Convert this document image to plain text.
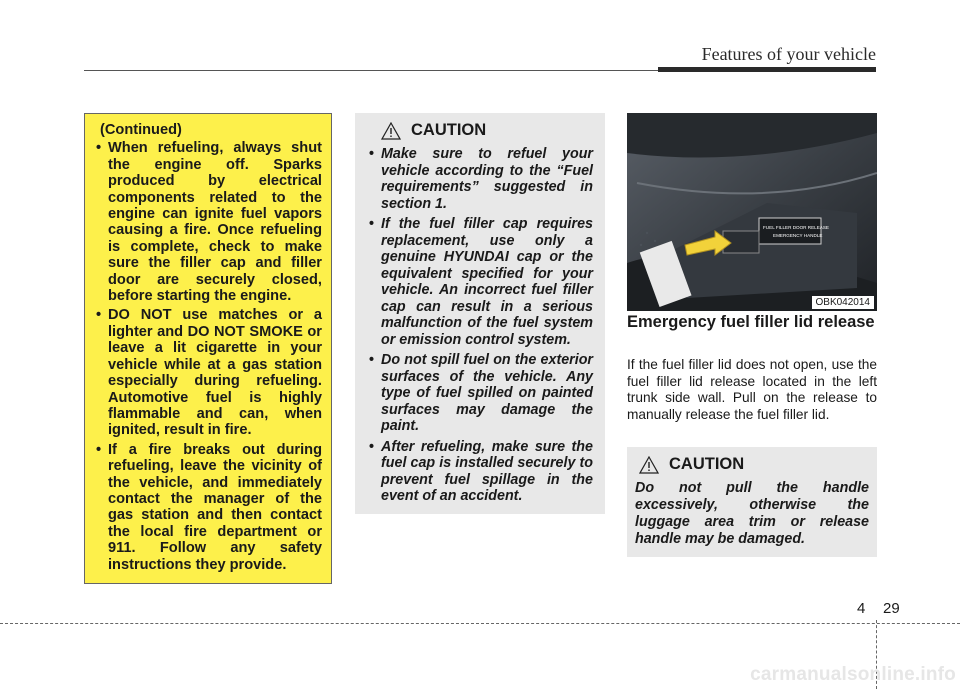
Features of your vehicle
(Continued)
• When refueling, always shut the engine off. Sparks produced by electrical components related to the engine can ignite fuel vapors causing a fire. Once refueling is complete, check to make sure the filler cap and filler door are securely closed, before starting the engine.
• DO NOT use matches or a lighter and DO NOT SMOKE or leave a lit cigarette in your vehicle while at a gas station especially during refueling. Automotive fuel is highly flammable and can, when ignited, result in fire.
• If a fire breaks out during refueling, leave the vicinity of the vehicle, and immediately contact the manager of the gas station and then contact the local fire department or 911. Follow any safety instructions they provide.
CAUTION
• Make sure to refuel your vehicle according to the “Fuel requirements” suggested in section 1.
• If the fuel filler cap requires replacement, use only a genuine HYUNDAI cap or the equivalent specified for your vehicle. An incorrect fuel filler cap can result in a serious malfunction of the fuel system or emission control system.
• Do not spill fuel on the exterior surfaces of the vehicle. Any type of fuel spilled on painted surfaces may damage the paint.
• After refueling, make sure the fuel cap is installed securely to prevent fuel spillage in the event of an accident.
FUEL FILLER DOOR RELEASE
EMERGENCY HANDLE
OBK042014
Emergency fuel filler lid release
If the fuel filler lid does not open, use the fuel filler lid release located in the left trunk side wall. Pull on the release to manually release the fuel filler lid.
CAUTION
Do not pull the handle excessively, otherwise the luggage area trim or release handle may be damaged.
4 29
carmanualsonline.info
